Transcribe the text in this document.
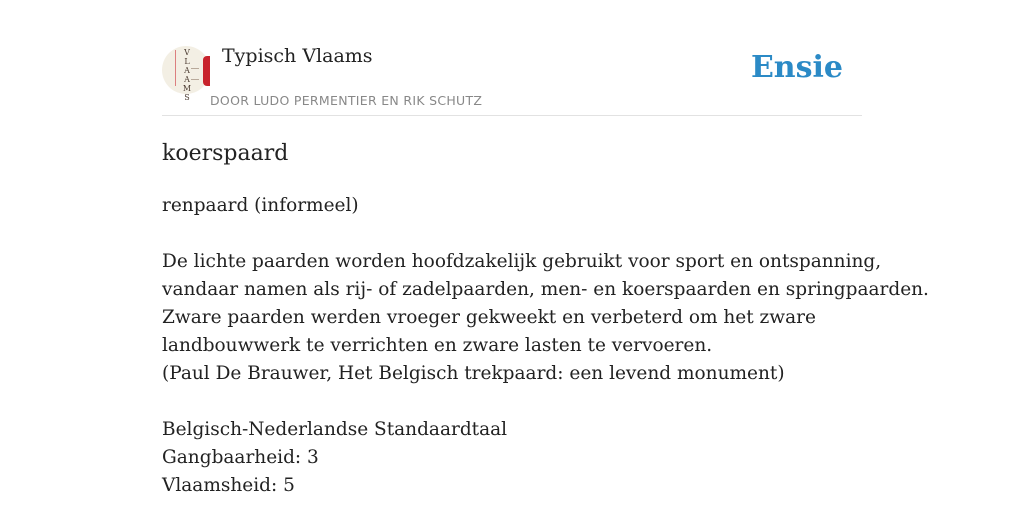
V
L
A
A
M
S
Typisch Vlaams
DOOR LUDO PERMENTIER EN RIK SCHUTZ
Ensie
koerspaard
renpaard (informeel)
De lichte paarden worden hoofdzakelijk gebruikt voor sport en ontspanning,
vandaar namen als rij- of zadelpaarden, men- en koerspaarden en springpaarden.
Zware paarden werden vroeger gekweekt en verbeterd om het zware
landbouwwerk te verrichten en zware lasten te vervoeren.
(Paul De Brauwer, Het Belgisch trekpaard: een levend monument)
Belgisch-Nederlandse Standaardtaal
Gangbaarheid: 3
Vlaamsheid: 5
